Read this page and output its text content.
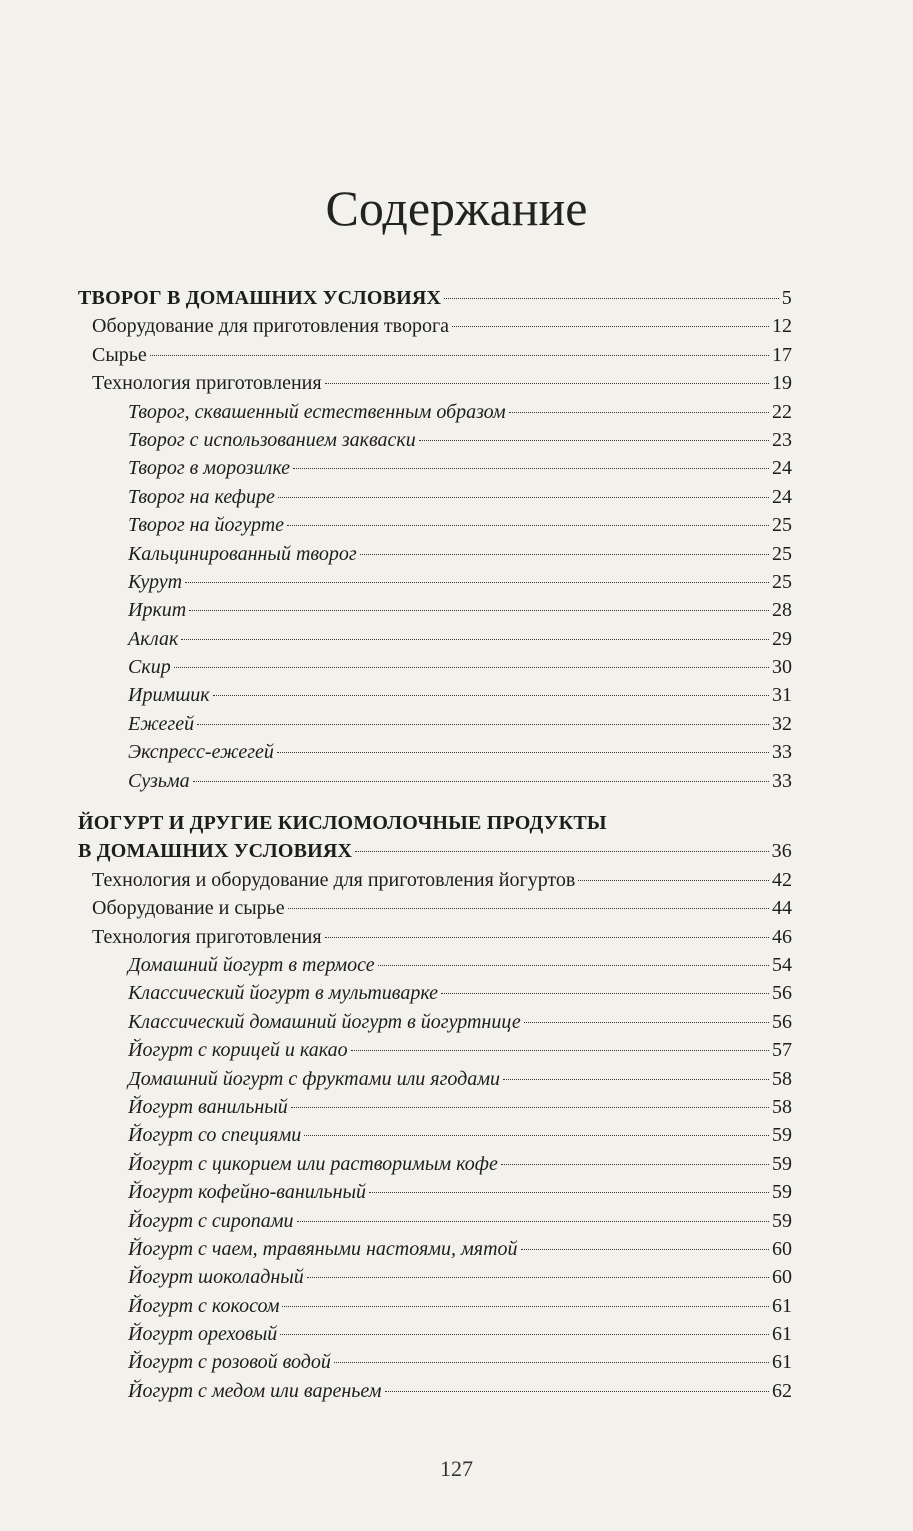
Содержание
ТВОРОГ В ДОМАШНИХ УСЛОВИЯХ	5
Оборудование для приготовления творога	12
Сырье	17
Технология приготовления	19
Творог, сквашенный естественным образом	22
Творог с использованием закваски	23
Творог в морозилке	24
Творог на кефире	24
Творог на йогурте	25
Кальцинированный творог	25
Курут	25
Иркит	28
Аклак	29
Скир	30
Иримшик	31
Ежегей	32
Экспресс-ежегей	33
Сузьма	33
ЙОГУРТ И ДРУГИЕ КИСЛОМОЛОЧНЫЕ ПРОДУКТЫ
В ДОМАШНИХ УСЛОВИЯХ	36
Технология и оборудование для приготовления йогуртов	42
Оборудование и сырье	44
Технология приготовления	46
Домашний йогурт в термосе	54
Классический йогурт в мультиварке	56
Классический домашний йогурт в йогуртнице	56
Йогурт с корицей и какао	57
Домашний йогурт с фруктами или ягодами	58
Йогурт ванильный	58
Йогурт со специями	59
Йогурт с цикорием или растворимым кофе	59
Йогурт кофейно-ванильный	59
Йогурт с сиропами	59
Йогурт с чаем, травяными настоями, мятой	60
Йогурт шоколадный	60
Йогурт с кокосом	61
Йогурт ореховый	61
Йогурт с розовой водой	61
Йогурт с медом или вареньем	62
127
